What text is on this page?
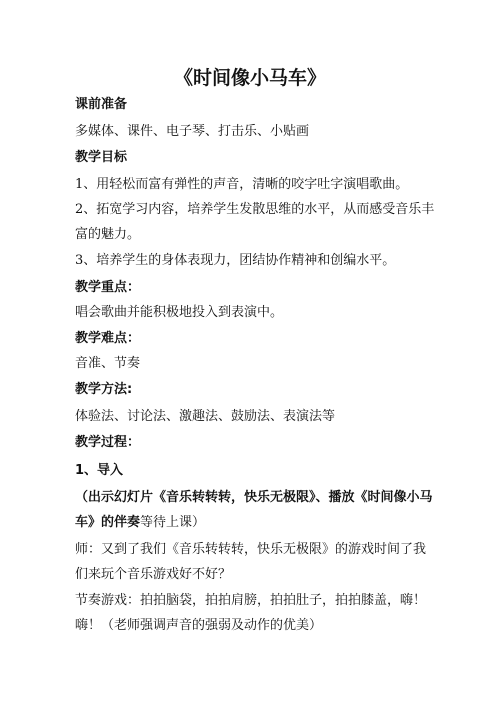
《时间像小马车》
课前准备
多媒体、课件、电子琴、打击乐、小贴画
教学目标
1、用轻松而富有弹性的声音，清晰的咬字吐字演唱歌曲。
2、拓宽学习内容，培养学生发散思维的水平，从而感受音乐丰
富的魅力。
3、培养学生的身体表现力，团结协作精神和创编水平。
教学重点：
唱会歌曲并能积极地投入到表演中。
教学难点：
音准、节奏
教学方法:
体验法、讨论法、激趣法、鼓励法、表演法等
教学过程：
1、导入
（出示幻灯片《音乐转转转，快乐无极限》、播放《时间像小马
车》的伴奏等待上课）
师：又到了我们《音乐转转转，快乐无极限》的游戏时间了我
们来玩个音乐游戏好不好？
节奏游戏：拍拍脑袋，拍拍肩膀，拍拍肚子，拍拍膝盖，嗨！
嗨！（老师强调声音的强弱及动作的优美）
